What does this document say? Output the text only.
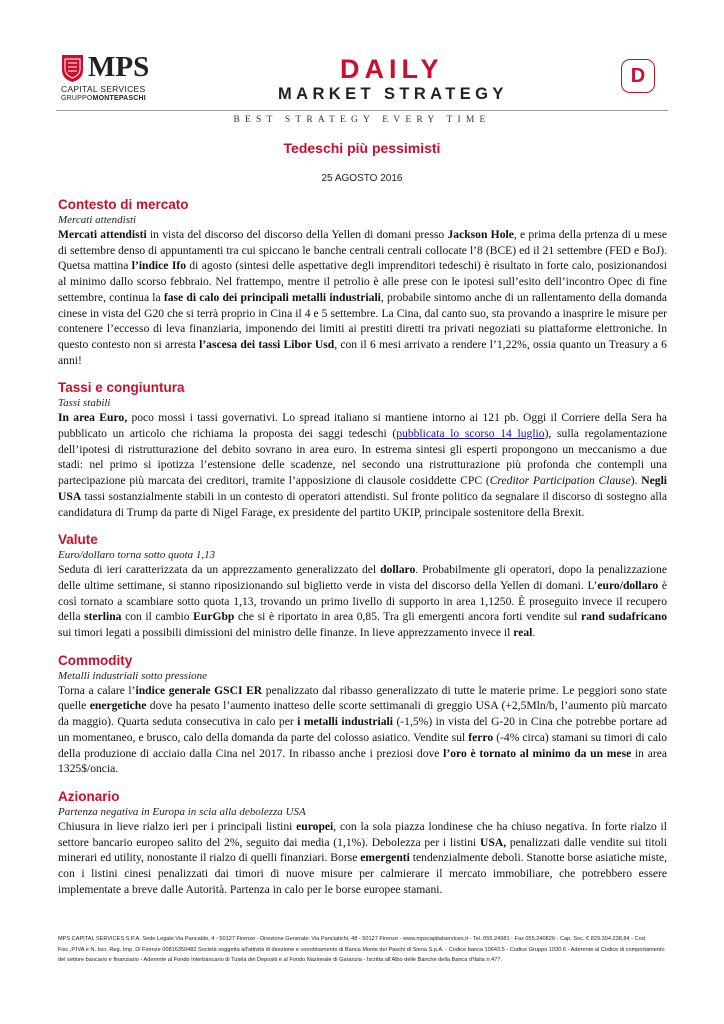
MPS
CAPITAL SERVICES
GRUPPOMONTEPASCHI
DAILY
MARKET STRATEGY
D
BEST STRATEGY EVERY TIME
Tedeschi più pessimisti
25 AGOSTO 2016
Contesto di mercato

Mercati attendisti

Mercati attendisti in vista del discorso del discorso della Yellen di domani presso Jackson Hole, e prima della prtenza di u mese di settembre denso di appuntamenti tra cui spiccano le banche centrali centrali collocate l’8 (BCE) ed il 21 settembre (FED e BoJ). Quetsa mattina l’indice Ifo di agosto (sintesi delle aspettative degli imprenditori tedeschi) è risultato in forte calo, posizionandosi al minimo dallo scorso febbraio. Nel frattempo, mentre il petrolio è alle prese con le ipotesi sull’esito dell’incontro Opec di fine settembre, continua la fase di calo dei principali metalli industriali, probabile sintomo anche di un rallentamento della domanda cinese in vista del G20 che si terrà proprio in Cina il 4 e 5 settembre. La Cina, dal canto suo, sta provando a inasprire le misure per contenere l’eccesso di leva finanziaria, imponendo dei limiti ai prestiti diretti tra privati negoziati su piattaforme elettroniche. In questo contesto non si arresta l’ascesa dei tassi Libor Usd, con il 6 mesi arrivato a rendere l’1,22%, ossia quanto un Treasury a 6 anni!

Tassi e congiuntura

Tassi stabili

In area Euro, poco mossi i tassi governativi. Lo spread italiano si mantiene intorno ai 121 pb. Oggi il Corriere della Sera ha pubblicato un articolo che richiama la proposta dei saggi tedeschi (pubblicata lo scorso 14 luglio), sulla regolamentazione dell’ipotesi di ristrutturazione del debito sovrano in area euro. In estrema sintesi gli esperti propongono un meccanismo a due stadi: nel primo si ipotizza l’estensione delle scadenze, nel secondo una ristrutturazione più profonda che contempli una partecipazione più marcata dei creditori, tramite l’apposizione di clausole cosiddette CPC (Creditor Participation Clause). Negli USA tassi sostanzialmente stabili in un contesto di operatori attendisti. Sul fronte politico da segnalare il discorso di sostegno alla candidatura di Trump da parte di Nigel Farage, ex presidente del partito UKIP, principale sostenitore della Brexit.

Valute

Euro/dollaro torna sotto quota 1,13

Seduta di ieri caratterizzata da un apprezzamento generalizzato del dollaro. Probabilmente gli operatori, dopo la penalizzazione delle ultime settimane, si stanno riposizionando sul biglietto verde in vista del discorso della Yellen di domani. L’euro/dollaro è così tornato a scambiare sotto quota 1,13, trovando un primo livello di supporto in area 1,1250. È proseguito invece il recupero della sterlina con il cambio EurGbp che si è riportato in area 0,85. Tra gli emergenti ancora forti vendite sul rand sudafricano sui timori legati a possibili dimissioni del ministro delle finanze. In lieve apprezzamento invece il real.

Commodity

Metalli industriali sotto pressione

Torna a calare l’indice generale GSCI ER penalizzato dal ribasso generalizzato di tutte le materie prime. Le peggiori sono state quelle energetiche dove ha pesato l’aumento inatteso delle scorte settimanali di greggio USA (+2,5Mln/b, l’aumento più marcato da maggio). Quarta seduta consecutiva in calo per i metalli industriali (-1,5%) in vista del G-20 in Cina che potrebbe portare ad un momentaneo, e brusco, calo della domanda da parte del colosso asiatico. Vendite sul ferro (-4% circa) stamani su timori di calo della produzione di acciaio dalla Cina nel 2017. In ribasso anche i preziosi dove l’oro è tornato al minimo da un mese in area 1325$/oncia.

Azionario

Partenza negativa in Europa in scia alla debolezza USA

Chiusura in lieve rialzo ieri per i principali listini europei, con la sola piazza londinese che ha chiuso negativa. In forte rialzo il settore bancario europeo salito del 2%, seguito dai media (1,1%). Debolezza per i listini USA, penalizzati dalle vendite sui titoli minerari ed utility, nonostante il rialzo di quelli finanziari. Borse emergenti tendenzialmente deboli. Stanotte borse asiatiche miste, con i listini cinesi penalizzati dai timori di nuove misure per calmierare il mercato immobiliare, che potrebbero essere implementate a breve dalle Autorità. Partenza in calo per le borse europee stamani.

MPS CAPITAL SERVICES S.P.A. Sede Legale:Via Pancaldo, 4 - 50127 Firenze - Direzione Generale: Via Panciatichi, 48 - 50127 Firenze - www.mpscapitalservices.it - Tel. 055.24981 - Fax 055.240826 - Cap. Soc. € 829.304.238,84 - Cod. Fisc.,P.IVA e N. Iscr. Reg. Imp. Di Firenze 00816350482 Società soggetta all'attività di direzione e coordinamento di Banca Monte dei Paschi di Siena S.p.A. - Codice banca 10643.5 - Codice Gruppo 1030.6 - Aderente al Codice di comportamento del settore bancario e finanziario - Aderente al Fondo Interbancario di Tutela dei Depositi e al Fondo Nazionale di Garanzia - Iscritta all'Albo delle Banche della Banca d'Italia n.477.
